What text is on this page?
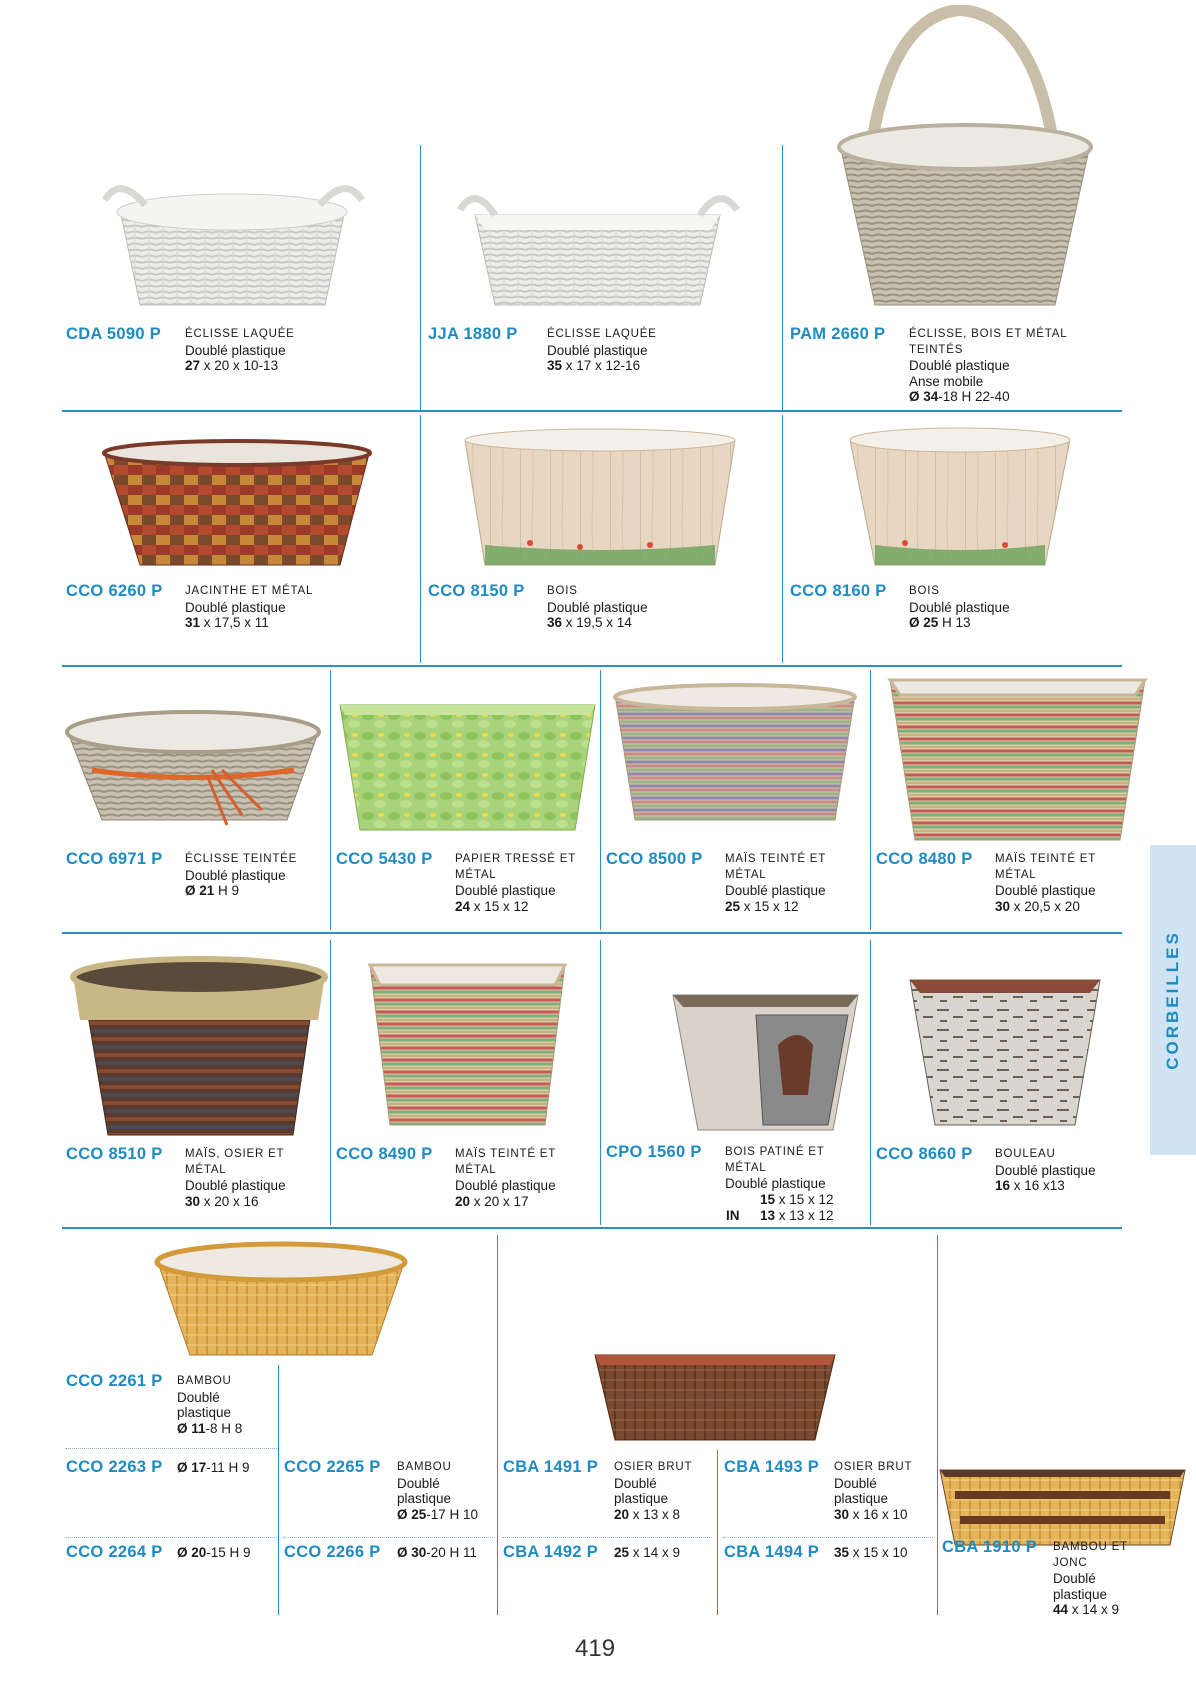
CDA 5090 P ÉCLISSE LAQUÉE
Doublé plastique
27 x 20 x 10-13
JJA 1880 P	ÉCLISSE LAQUÉE
Doublé plastique
35 x 17 x 12-16
PAM 2660 P ÉCLISSE, BOIS ET MÉTAL TEINTÉS
Doublé plastique
Anse mobile
Ø 34-18 H 22-40
CCO 6260 P JACINTHE ET MÉTAL
Doublé plastique
31 x 17,5 x 11
CCO 8150 P BOIS
Doublé plastique
36 x 19,5 x 14
CCO 8160 P BOIS
Doublé plastique
Ø 25 H 13
CCO 6971 P ÉCLISSE TEINTÉE
Doublé plastique
Ø 21 H 9
CCO 5430 P PAPIER TRESSÉ ET MÉTAL
Doublé plastique
24 x 15 x 12
CCO 8500 P MAÏS TEINTÉ ET MÉTAL
Doublé plastique
25 x 15 x 12
CCO 8480 P MAÏS TEINTÉ ET MÉTAL
Doublé plastique
30 x 20,5 x 20
CCO 8510 P MAÏS, OSIER ET MÉTAL
Doublé plastique
30 x 20 x 16
CCO 8490 P MAÏS TEINTÉ ET MÉTAL
Doublé plastique
20 x 20 x 17
CPO 1560 P BOIS PATINÉ ET MÉTAL
Doublé plastique
15 x 15 x 12
IN 13 x 13 x 12
CCO 8660 P BOULEAU
Doublé plastique
16 x 16 x13
CCO 2261 P BAMBOU
Doublé
plastique
Ø 11-8 H 8
CCO 2263 P Ø 17-11 H 9
CCO 2264 P Ø 20-15 H 9
CCO 2265 P BAMBOU
Doublé
plastique
Ø 25-17 H 10
CCO 2266 P Ø 30-20 H 11
CBA 1491 P OSIER BRUT
Doublé
plastique
20 x 13 x 8
CBA 1492 P 25 x 14 x 9
CBA 1493 P OSIER BRUT
Doublé
plastique
30 x 16 x 10
CBA 1494 P 35 x 15 x 10	CBA 1910 P BAMBOU ET JONC
Doublé
plastique
44 x 14 x 9
CORBEILLES
419
